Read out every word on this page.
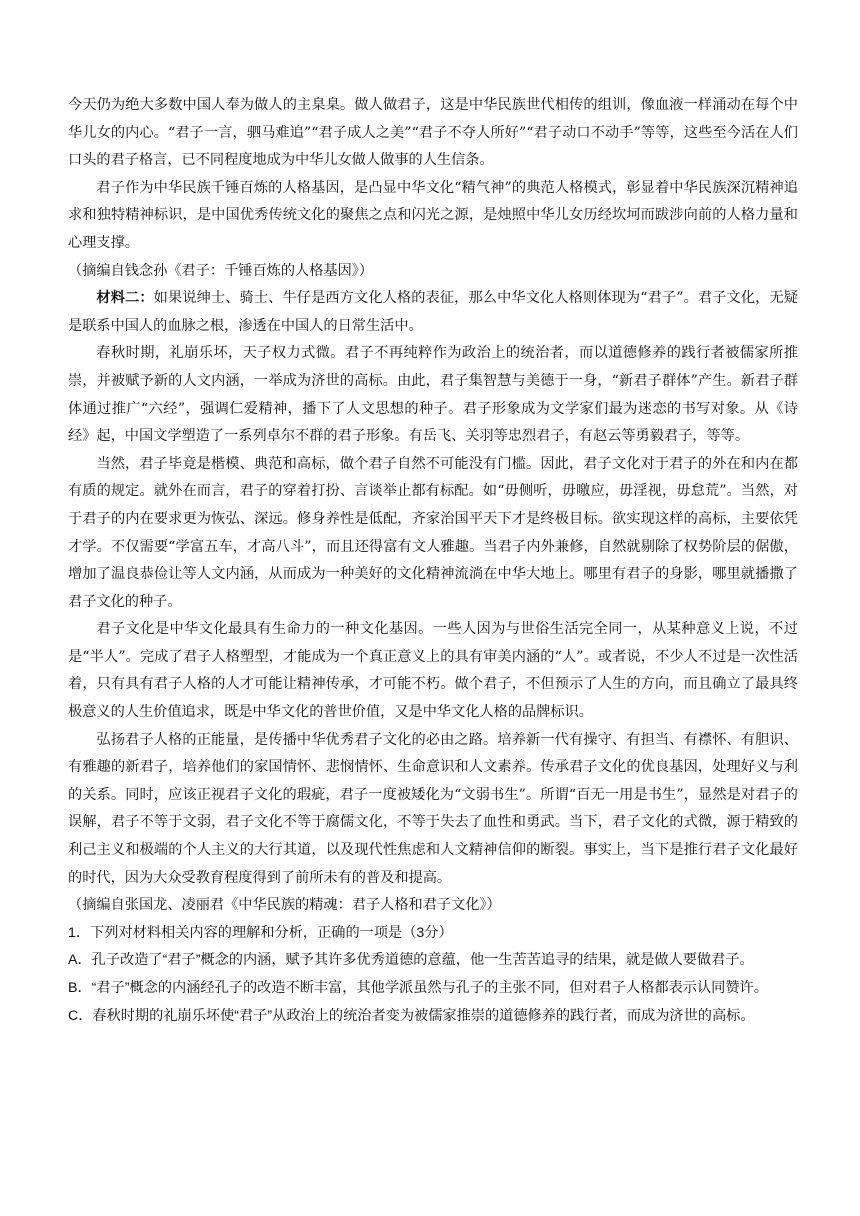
今天仍为绝大多数中国人奉为做人的主臬臬。做人做君子，这是中华民族世代相传的组训，像血液一样涌动在每个中华儿女的内心。“君子一言，驷马难追”“君子成人之美”“君子不夺人所好”“君子动口不动手”等等，这些至今活在人们口头的君子格言，已不同程度地成为中华儿女做人做事的人生信条。

君子作为中华民族千锤百炼的人格基因，是凸显中华文化“精气神”的典范人格模式，彰显着中华民族深沉精神追求和独特精神标识，是中国优秀传统文化的聚焦之点和闪光之源，是烛照中华儿女历经坎坷而跋涉向前的人格力量和心理支撑。

（摘编自钱念孙《君子：千锤百炼的人格基因》）

材料二：如果说绅士、骑士、牛仔是西方文化人格的表征，那么中华文化人格则体现为“君子”。君子文化，无疑是联系中国人的血脉之根，渗透在中国人的日常生活中。

春秋时期，礼崩乐坏，天子权力式微。君子不再纯粹作为政治上的统治者，而以道德修养的践行者被儒家所推崇，并被赋予新的人文内涵，一举成为济世的高标。由此，君子集智慧与美德于一身，“新君子群体”产生。新君子群体通过推广“六经”，强调仁爱精神，播下了人文思想的种子。君子形象成为文学家们最为迷恋的书写对象。从《诗经》起，中国文学塑造了一系列卓尔不群的君子形象。有岳飞、关羽等忠烈君子，有赵云等勇毅君子，等等。

当然，君子毕竟是楷模、典范和高标，做个君子自然不可能没有门槛。因此，君子文化对于君子的外在和内在都有质的规定。就外在而言，君子的穿着打扮、言谈举止都有标配。如“毋侧听，毋噭应，毋淫视，毋怠荒”。当然，对于君子的内在要求更为恢弘、深远。修身养性是低配，齐家治国平天下才是终极目标。欲实现这样的高标，主要依凭才学。不仅需要“学富五车，才高八斗”，而且还得富有文人雅趣。当君子内外兼修，自然就剔除了权势阶层的倨傲，增加了温良恭俭让等人文内涵，从而成为一种美好的文化精神流淌在中华大地上。哪里有君子的身影，哪里就播撒了君子文化的种子。

君子文化是中华文化最具有生命力的一种文化基因。一些人因为与世俗生活完全同一，从某种意义上说，不过是“半人”。完成了君子人格塑型，才能成为一个真正意义上的具有审美内涵的“人”。或者说，不少人不过是一次性活着，只有具有君子人格的人才可能让精神传承，才可能不朽。做个君子，不但预示了人生的方向，而且确立了最具终极意义的人生价值追求，既是中华文化的普世价值，又是中华文化人格的品牌标识。

弘扬君子人格的正能量，是传播中华优秀君子文化的必由之路。培养新一代有操守、有担当、有襟怀、有胆识、有雅趣的新君子，培养他们的家国情怀、悲悯情怀、生命意识和人文素养。传承君子文化的优良基因，处理好义与利的关系。同时，应该正视君子文化的瑕疵，君子一度被矮化为“文弱书生”。所谓“百无一用是书生”，显然是对君子的误解，君子不等于文弱，君子文化不等于腐儒文化，不等于失去了血性和勇武。当下，君子文化的式微，源于精致的利己主义和极端的个人主义的大行其道，以及现代性焦虑和人文精神信仰的断裂。事实上，当下是推行君子文化最好的时代，因为大众受教育程度得到了前所未有的普及和提高。

（摘编自张国龙、凌丽君《中华民族的精魂：君子人格和君子文化》）

1．下列对材料相关内容的理解和分析，正确的一项是（3分）

A．孔子改造了“君子”概念的内涵，赋予其许多优秀道德的意蕴，他一生苦苦追寻的结果，就是做人要做君子。

B．“君子”概念的内涵经孔子的改造不断丰富，其他学派虽然与孔子的主张不同，但对君子人格都表示认同赞许。

C．春秋时期的礼崩乐坏使“君子”从政治上的统治者变为被儒家推崇的道德修养的践行者，而成为济世的高标。
